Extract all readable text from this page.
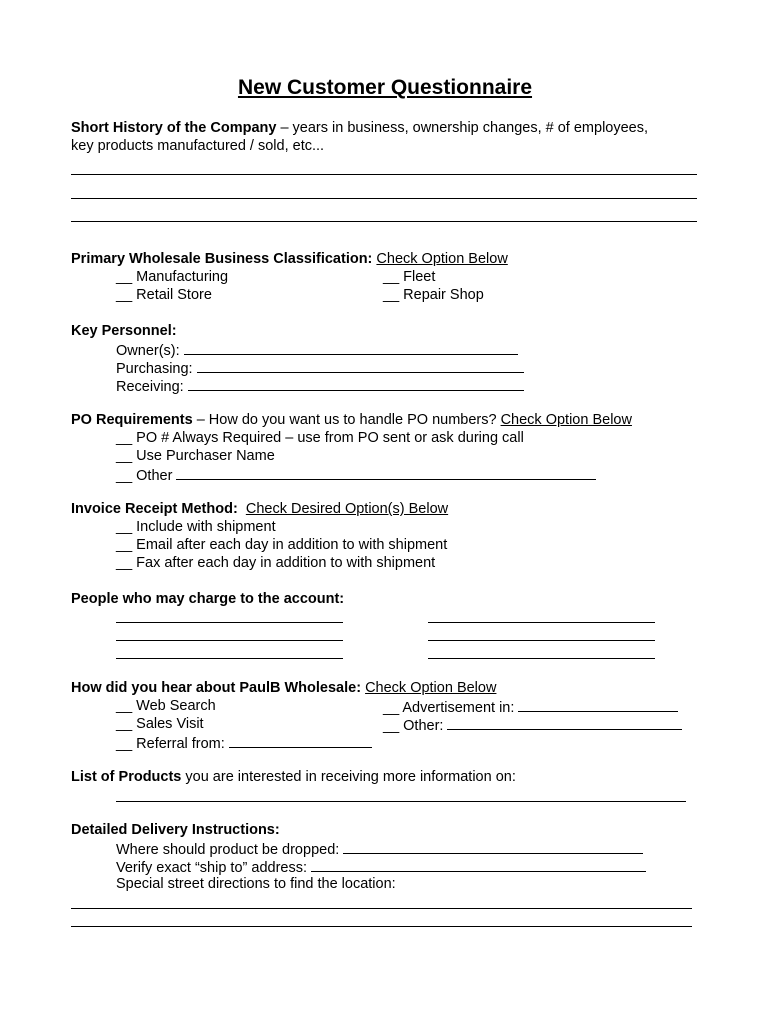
New Customer Questionnaire
Short History of the Company – years in business, ownership changes, # of employees,
key products manufactured / sold, etc...
Primary Wholesale Business Classification: Check Option Below
__ Manufacturing	__ Fleet
__ Retail Store	__ Repair Shop
Key Personnel:
Owner(s):
Purchasing:
Receiving:
PO Requirements – How do you want us to handle PO numbers? Check Option Below
__ PO # Always Required – use from PO sent or ask during call
__ Use Purchaser Name
__ Other
Invoice Receipt Method: Check Desired Option(s) Below
__ Include with shipment
__ Email after each day in addition to with shipment
__ Fax after each day in addition to with shipment
People who may charge to the account:
How did you hear about PaulB Wholesale: Check Option Below
__ Web Search	__ Advertisement in:
__ Sales Visit	__ Other:
__ Referral from:
List of Products you are interested in receiving more information on:
Detailed Delivery Instructions:
Where should product be dropped:
Verify exact “ship to” address:
Special street directions to find the location:
